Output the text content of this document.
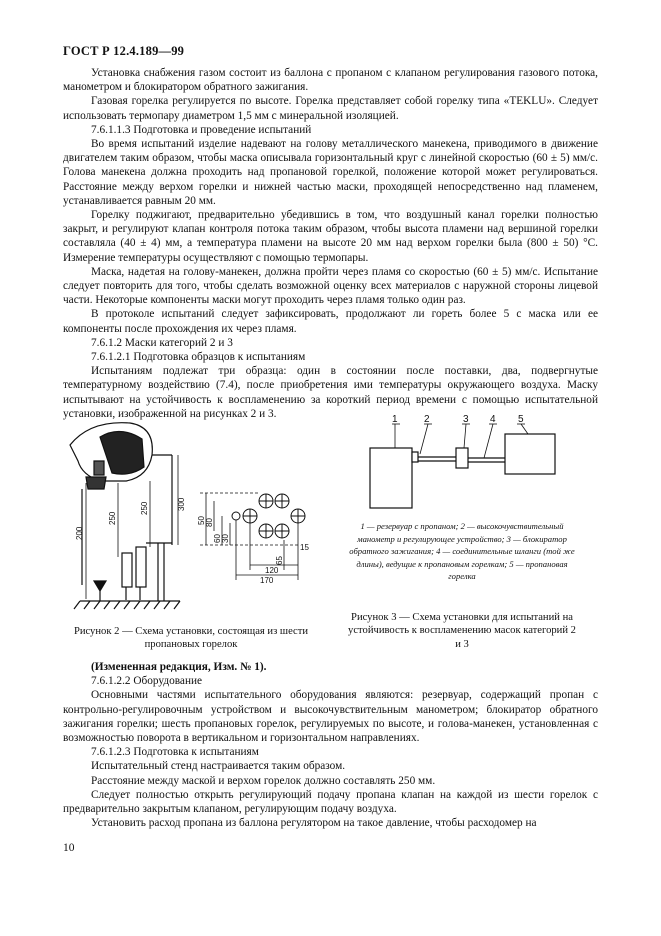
ГОСТ Р 12.4.189—99

Установка снабжения газом состоит из баллона с пропаном с клапаном регулирования газового потока, манометром и блокиратором обратного зажигания.

Газовая горелка регулируется по высоте. Горелка представляет собой горелку типа «TEKLU». Следует использовать термопару диаметром 1,5 мм с минеральной изоляцией.

7.6.1.1.3 Подготовка и проведение испытаний

Во время испытаний изделие надевают на голову металлического манекена, приводимого в движение двигателем таким образом, чтобы маска описывала горизонтальный круг с линейной скоростью (60 ± 5) мм/с. Голова манекена должна проходить над пропановой горелкой, положение которой может регулироваться. Расстояние между верхом горелки и нижней частью маски, проходящей непосредственно над пламенем, устанавливается равным 20 мм.

Горелку поджигают, предварительно убедившись в том, что воздушный канал горелки полностью закрыт, и регулируют клапан контроля потока таким образом, чтобы высота пламени над вершиной горелки составляла (40 ± 4) мм, а температура пламени на высоте 20 мм над верхом горелки была (800 ± 50) °С. Измерение температуры осуществляют с помощью термопары.

Маска, надетая на голову-манекен, должна пройти через пламя со скоростью (60 ± 5) мм/с. Испытание следует повторить для того, чтобы сделать возможной оценку всех материалов с наружной стороны лицевой части. Некоторые компоненты маски могут проходить через пламя только один раз.

В протоколе испытаний следует зафиксировать, продолжают ли гореть более 5 с маска или ее компоненты после прохождения их через пламя.

7.6.1.2 Маски категорий 2 и 3

7.6.1.2.1 Подготовка образцов к испытаниям

Испытаниям подлежат три образца: один в состоянии после поставки, два, подвергнутые температурному воздействию (7.4), после приобретения ими температуры окружающего воздуха. Маску испытывают на устойчивость к воспламенению за короткий период времени с помощью испытательной установки, изображенной на рисунках 2 и 3.

200
250
250	300
50
30
60
80
15
65
120
170
Рисунок 2 — Схема установки, состоящая из шести пропановых горелок
1	2	3 4 5
1 — резервуар с пропаном; 2 — высокочувствительный манометр и регулирующее устройство; 3 — блокиратор обратного зажигания; 4 — соединительные шланги (той же длины), ведущие к пропановым горелкам; 5 — пропановая горелка
Рисунок 3 — Схема установки для испытаний на устойчивость к воспламенению масок категорий 2 и 3

(Измененная редакция, Изм. № 1).

7.6.1.2.2 Оборудование

Основными частями испытательного оборудования являются: резервуар, содержащий пропан с контрольно-регулировочным устройством и высокочувствительным манометром; блокиратор обратного зажигания горелки; шесть пропановых горелок, регулируемых по высоте, и голова-манекен, установленная с возможностью поворота в вертикальном и горизонтальном направлениях.

7.6.1.2.3 Подготовка к испытаниям

Испытательный стенд настраивается таким образом.

Расстояние между маской и верхом горелок должно составлять 250 мм.

Следует полностью открыть регулирующий подачу пропана клапан на каждой из шести горелок с предварительно закрытым клапаном, регулирующим подачу воздуха.

Установить расход пропана из баллона регулятором на такое давление, чтобы расходомер на

10
